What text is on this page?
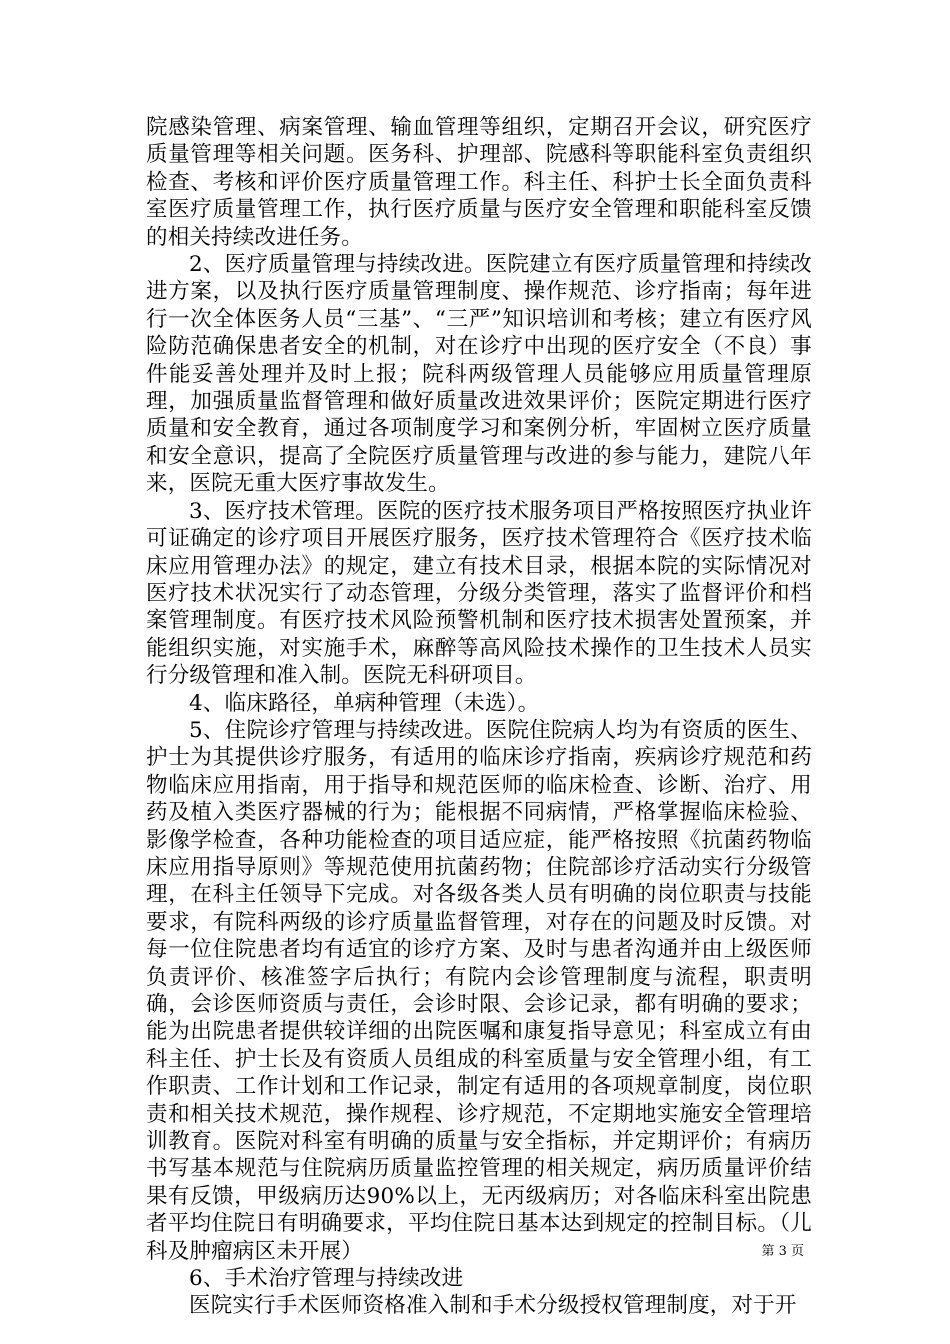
院感染管理、病案管理、输血管理等组织，定期召开会议，研究医疗质量管理等相关问题。医务科、护理部、院感科等职能科室负责组织检查、考核和评价医疗质量管理工作。科主任、科护士长全面负责科室医疗质量管理工作，执行医疗质量与医疗安全管理和职能科室反馈的相关持续改进任务。

2、医疗质量管理与持续改进。医院建立有医疗质量管理和持续改进方案，以及执行医疗质量管理制度、操作规范、诊疗指南；每年进行一次全体医务人员“三基”、“三严”知识培训和考核；建立有医疗风险防范确保患者安全的机制，对在诊疗中出现的医疗安全（不良）事件能妥善处理并及时上报；院科两级管理人员能够应用质量管理原理，加强质量监督管理和做好质量改进效果评价；医院定期进行医疗质量和安全教育，通过各项制度学习和案例分析，牢固树立医疗质量和安全意识，提高了全院医疗质量管理与改进的参与能力，建院八年来，医院无重大医疗事故发生。

3、医疗技术管理。医院的医疗技术服务项目严格按照医疗执业许可证确定的诊疗项目开展医疗服务，医疗技术管理符合《医疗技术临床应用管理办法》的规定，建立有技术目录，根据本院的实际情况对医疗技术状况实行了动态管理，分级分类管理，落实了监督评价和档案管理制度。有医疗技术风险预警机制和医疗技术损害处置预案，并能组织实施，对实施手术，麻醉等高风险技术操作的卫生技术人员实行分级管理和准入制。医院无科研项目。

4、临床路径，单病种管理（未选）。

5、住院诊疗管理与持续改进。医院住院病人均为有资质的医生、护士为其提供诊疗服务，有适用的临床诊疗指南，疾病诊疗规范和药物临床应用指南，用于指导和规范医师的临床检查、诊断、治疗、用药及植入类医疗器械的行为；能根据不同病情，严格掌握临床检验、影像学检查，各种功能检查的项目适应症，能严格按照《抗菌药物临床应用指导原则》等规范使用抗菌药物；住院部诊疗活动实行分级管理，在科主任领导下完成。对各级各类人员有明确的岗位职责与技能要求，有院科两级的诊疗质量监督管理，对存在的问题及时反馈。对每一位住院患者均有适宜的诊疗方案、及时与患者沟通并由上级医师负责评价、核准签字后执行；有院内会诊管理制度与流程，职责明确，会诊医师资质与责任，会诊时限、会诊记录，都有明确的要求；能为出院患者提供较详细的出院医嘱和康复指导意见；科室成立有由科主任、护士长及有资质人员组成的科室质量与安全管理小组，有工作职责、工作计划和工作记录，制定有适用的各项规章制度，岗位职责和相关技术规范，操作规程、诊疗规范，不定期地实施安全管理培训教育。医院对科室有明确的质量与安全指标，并定期评价；有病历书写基本规范与住院病历质量监控管理的相关规定，病历质量评价结果有反馈，甲级病历达90%以上，无丙级病历；对各临床科室出院患者平均住院日有明确要求，平均住院日基本达到规定的控制目标。（儿科及肿瘤病区未开展）

6、手术治疗管理与持续改进

医院实行手术医师资格准入制和手术分级授权管理制度，对于开

第 3 页
